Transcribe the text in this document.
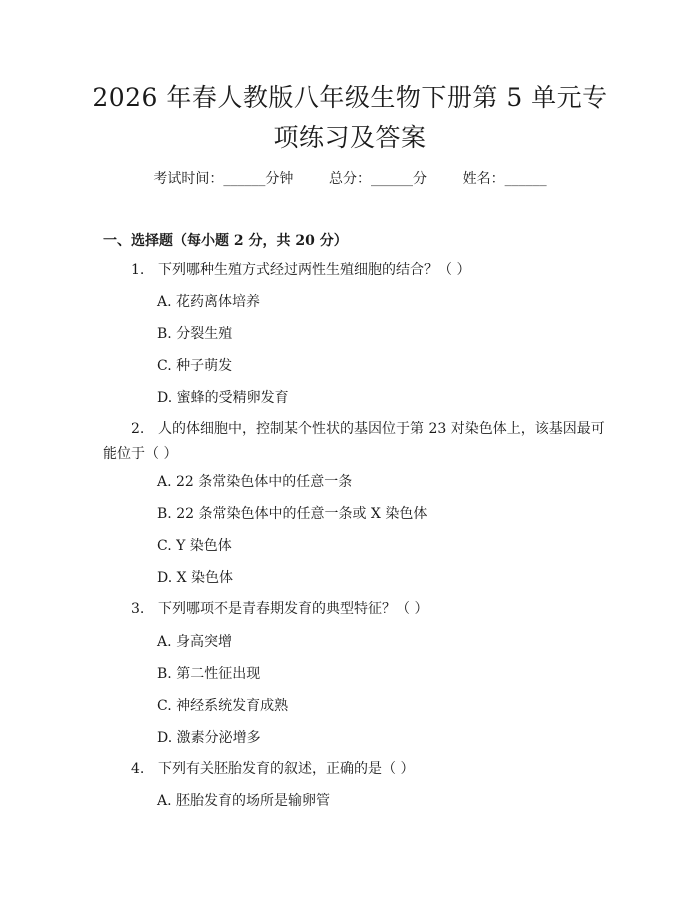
2026 年春人教版八年级生物下册第 5 单元专
项练习及答案
考试时间：______分钟	总分：______分	姓名：______
一、选择题（每小题 2 分，共 20 分）
1. 下列哪种生殖方式经过两性生殖细胞的结合？（ ）
A. 花药离体培养
B. 分裂生殖
C. 种子萌发
D. 蜜蜂的受精卵发育
2. 人的体细胞中，控制某个性状的基因位于第 23 对染色体上，该基因最可
能位于（ ）
A. 22 条常染色体中的任意一条
B. 22 条常染色体中的任意一条或 X 染色体
C. Y 染色体
D. X 染色体
3. 下列哪项不是青春期发育的典型特征？（ ）
A. 身高突增
B. 第二性征出现
C. 神经系统发育成熟
D. 激素分泌增多
4. 下列有关胚胎发育的叙述，正确的是（ ）
A. 胚胎发育的场所是输卵管
